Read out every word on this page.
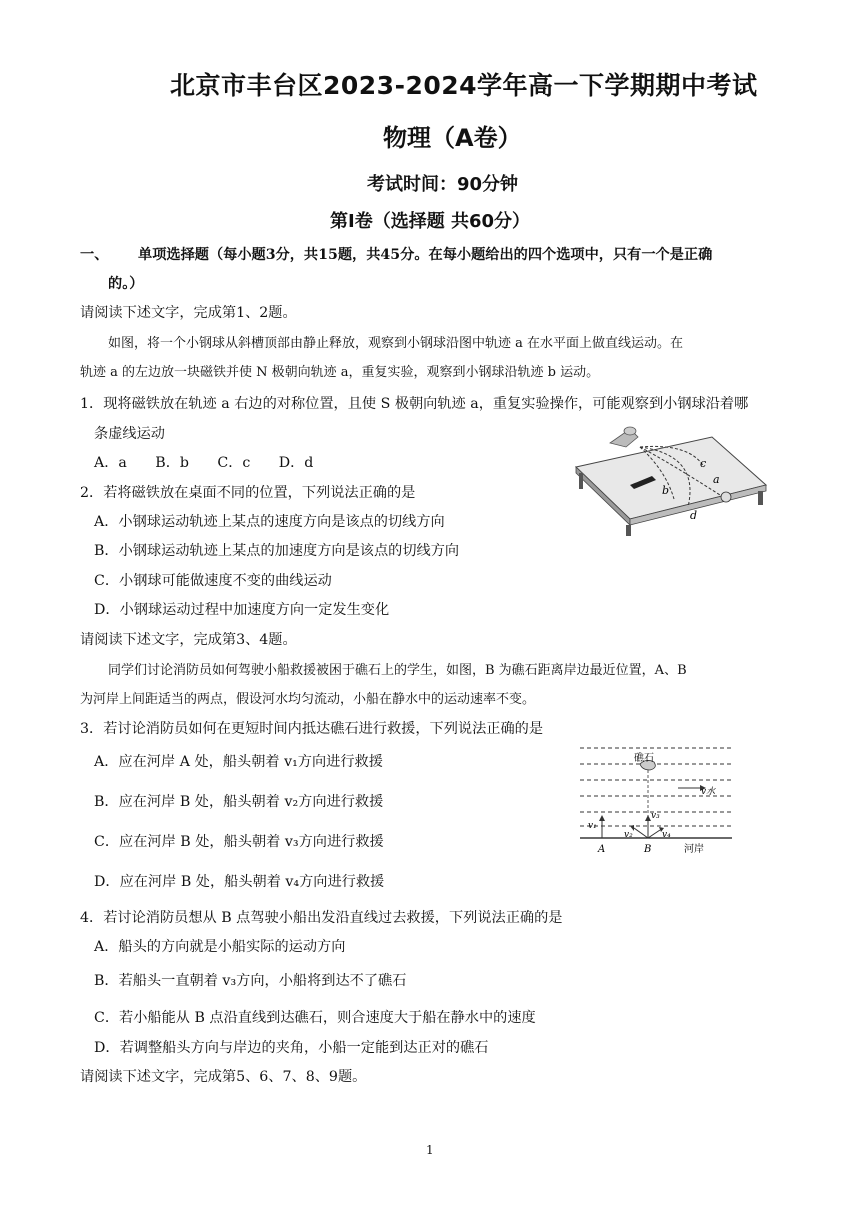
北京市丰台区2023-2024学年高一下学期期中考试
物理（A卷）
考试时间：90分钟
第Ⅰ卷（选择题 共60分）
一、 单项选择题（每小题3分，共15题，共45分。在每小题给出的四个选项中，只有一个是正确
的。）
请阅读下述文字，完成第1、2题。
如图，将一个小钢球从斜槽顶部由静止释放，观察到小钢球沿图中轨迹 a 在水平面上做直线运动。在
轨迹 a 的左边放一块磁铁并使 N 极朝向轨迹 a，重复实验，观察到小钢球沿轨迹 b 运动。
1．现将磁铁放在轨迹 a 右边的对称位置，且使 S 极朝向轨迹 a，重复实验操作，可能观察到小钢球沿着哪
条虚线运动
A．a　　B．b　　C．c　　D．d
a
b
c
d
2．若将磁铁放在桌面不同的位置，下列说法正确的是
A．小钢球运动轨迹上某点的速度方向是该点的切线方向
B．小钢球运动轨迹上某点的加速度方向是该点的切线方向
C．小钢球可能做速度不变的曲线运动
D．小钢球运动过程中加速度方向一定发生变化
请阅读下述文字，完成第3、4题。
同学们讨论消防员如何驾驶小船救援被困于礁石上的学生，如图，B 为礁石距离岸边最近位置，A、B
为河岸上间距适当的两点，假设河水均匀流动，小船在静水中的运动速率不变。
3．若讨论消防员如何在更短时间内抵达礁石进行救援，下列说法正确的是
A．应在河岸 A 处，船头朝着 v₁方向进行救援
B．应在河岸 B 处，船头朝着 v₂方向进行救援
C．应在河岸 B 处，船头朝着 v₃方向进行救援
D．应在河岸 B 处，船头朝着 v₄方向进行救援
礁石
v水
v₁
v₂
v₃
v₄
A	B	河岸
4．若讨论消防员想从 B 点驾驶小船出发沿直线过去救援，下列说法正确的是
A．船头的方向就是小船实际的运动方向
B．若船头一直朝着 v₃方向，小船将到达不了礁石
C．若小船能从 B 点沿直线到达礁石，则合速度大于船在静水中的速度
D．若调整船头方向与岸边的夹角，小船一定能到达正对的礁石
请阅读下述文字，完成第5、6、7、8、9题。
1
